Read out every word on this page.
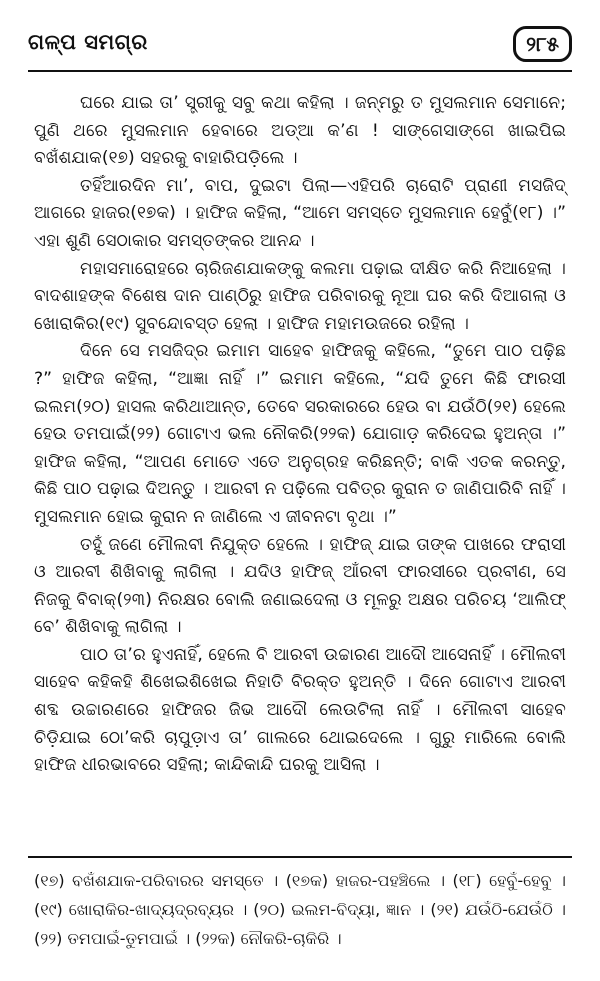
ଗଳ୍ପ ସମଗ୍ର	୨୮୫

ଘରେ ଯାଇ ତା’ ସ୍ତ୍ରୀକୁ ସବୁ କଥା କହିଲା । ଜନ୍ମରୁ ତ ମୁସଲମାନ ସେମାନେ; ପୁଣି ଥରେ ମୁସଲମାନ ହେବାରେ ଅଡ୍ଆ କ’ଣ ! ସାଙ୍ଗେସାଙ୍ଗେ ଖାଇପିଇ ବଖଁଶଯାକ(୧୭) ସହରକୁ ବାହାରିପଡ଼ିଲେ ।

ତହିଁଆରଦିନ ମା’, ବାପ, ଦୁଇଟା ପିଲା—ଏହିପରି ଚାରୋଟି ପ୍ରାଣୀ ମସଜିଦ୍ ଆଗରେ ହାଜର(୧୭କ) । ହାଫିଜ କହିଲା, “ଆମେ ସମସ୍ତେ ମୁସଲମାନ ହେବୁଁ(୧୮) ।” ଏହା ଶୁଣି ସେଠାକାର ସମସ୍ତଙ୍କର ଆନନ୍ଦ ।

ମହାସମାରୋହରେ ଚାରିଜଣଯାକଙ୍କୁ କଲମା ପଢ଼ାଇ ଦୀକ୍ଷିତ କରି ନିଆହେଲା । ବାଦଶାହଙ୍କ ବିଶେଷ ଦାନ ପାଣ୍ଠିରୁ ହାଫିଜ ପରିବାରକୁ ନୂଆ ଘର କରି ଦିଆଗଲା ଓ ଖୋରାକିର(୧୯) ସୁବନ୍ଦୋବସ୍ତ ହେଲା । ହାଫିଜ ମହାମଉଜରେ ରହିଲା ।

ଦିନେ ସେ ମସଜିଦ୍‌ର ଇମାମ ସାହେବ ହାଫିଜକୁ କହିଲେ, “ତୁମେ ପାଠ ପଢ଼ିଛ ?” ହାଫିଜ କହିଲା, “ଆଜ୍ଞା ନାହିଁ ।” ଇମାମ କହିଲେ, “ଯଦି ତୁମେ କିଛି ଫାରସୀ ଇଲମ(୨୦) ହାସଲ କରିଥାଆନ୍ତ, ତେବେ ସରକାରରେ ହେଉ ବା ଯଉଁଠି(୨୧) ହେଲେ ହେଉ ତମପାଇଁ(୨୨) ଗୋଟାଏ ଭଲ ନୌକରି(୨୨କ) ଯୋଗାଡ଼ କରିଦେଇ ହୁଅନ୍ତା ।” ହାଫିଜ କହିଲା, “ଆପଣ ମୋତେ ଏତେ ଅନୁଗ୍ରହ କରିଛନ୍ତି; ବାକି ଏତକ କରନ୍ତୁ, କିଛି ପାଠ ପଢ଼ାଇ ଦିଅନ୍ତୁ । ଆରବୀ ନ ପଢ଼ିଲେ ପବିତ୍ର କୁରାନ ତ ଜାଣିପାରିବି ନାହିଁ । ମୁସଲମାନ ହୋଇ କୁରାନ ନ ଜାଣିଲେ ଏ ଜୀବନଟା ବୃଥା ।”

ତହୁଁ ଜଣେ ମୌଲବୀ ନିଯୁକ୍ତ ହେଲେ । ହାଫିଜ୍ ଯାଇ ତାଙ୍କ ପାଖରେ ଫରାସୀ ଓ ଆରବୀ ଶିଖିବାକୁ ଲାଗିଲା । ଯଦିଓ ହାଫିଜ୍ ଆଁରବୀ ଫାରସୀରେ ପ୍ରବୀଣ, ସେ ନିଜକୁ ବିବାକ୍(୨୩) ନିରକ୍ଷର ବୋଲି ଜଣାଇଦେଲା ଓ ମୂଳରୁ ଅକ୍ଷର ପରିଚୟ ‘ଆଲିଫ୍ ବେ’ ଶିଖିବାକୁ ଲାଗିଲା ।

ପାଠ ତା’ର ହୁଏନାହିଁ, ହେଲେ ବି ଆରବୀ ଉଚ୍ଚାରଣ ଆଦୌ ଆସେନାହିଁ । ମୌଲବୀ ସାହେବ କହିକହି ଶିଖେଇଶିଖେଇ ନିହାତି ବିରକ୍ତ ହୁଅନ୍ତି । ଦିନେ ଗୋଟାଏ ଆରବୀ ଶବ୍ଦ ଉଚ୍ଚାରଣରେ ହାଫିଜର ଜିଭ ଆଦୌ ଲେଉଟିଲା ନାହିଁ । ମୌଲବୀ ସାହେବ ଚିଡ଼ିଯାଇ ଠୋ’କରି ଚାପୁଡ଼ାଏ ତା’ ଗାଲରେ ଥୋଇଦେଲେ । ଗୁରୁ ମାରିଲେ ବୋଲି ହାଫିଜ ଧୀରଭାବରେ ସହିଲା; କାନ୍ଦିକାନ୍ଦି ଘରକୁ ଆସିଲା ।

(୧୭) ବଖଁଶଯାକ-ପରିବାରର ସମସ୍ତେ । (୧୭କ) ହାଜର-ପହଞ୍ଚିଲେ । (୧୮) ହେବୁଁ-ହେବୁ । (୧୯) ଖୋରାକିର-ଖାଦ୍ୟଦ୍ରବ୍ୟର । (୨୦) ଇଲମ-ବିଦ୍ୟା, ଜ୍ଞାନ । (୨୧) ଯଉଁଠି-ଯେଉଁଠି । (୨୨) ତମପାଇଁ-ତୁମପାଇଁ । (୨୨କ) ନୌକରି-ଚାକିରି ।
